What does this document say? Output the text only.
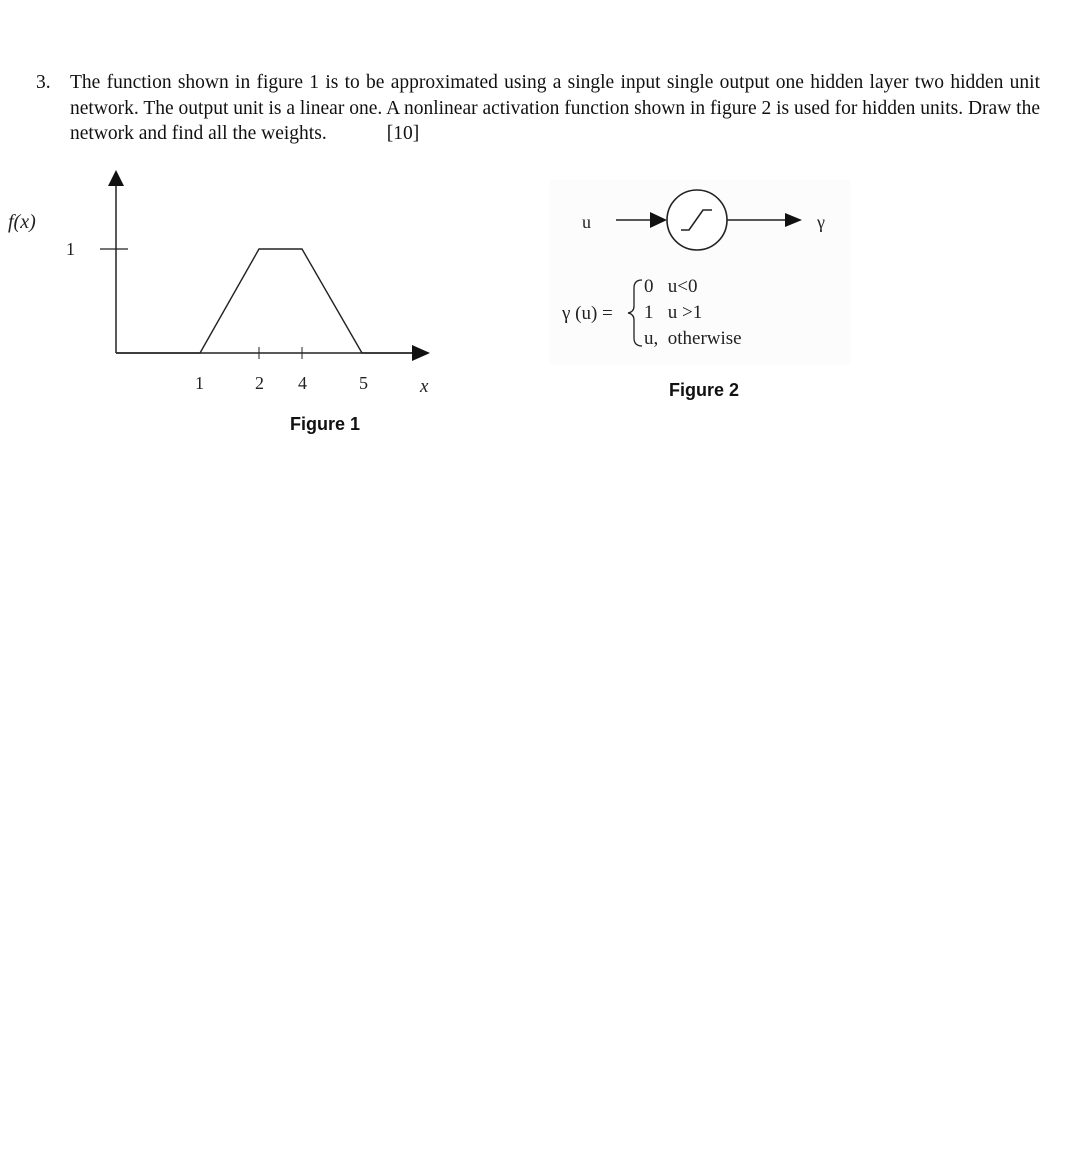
3. The function shown in figure 1 is to be approximated using a single input single output one hidden layer two hidden unit network. The output unit is a linear one. A nonlinear activation function shown in figure 2 is used for hidden units. Draw the network and find all the weights.	[10]
1
f(x)
x
1	2 4	5
Figure 1
u	γ
γ (u) =
0   u<0
1   u >1
u,  otherwise
Figure 2
